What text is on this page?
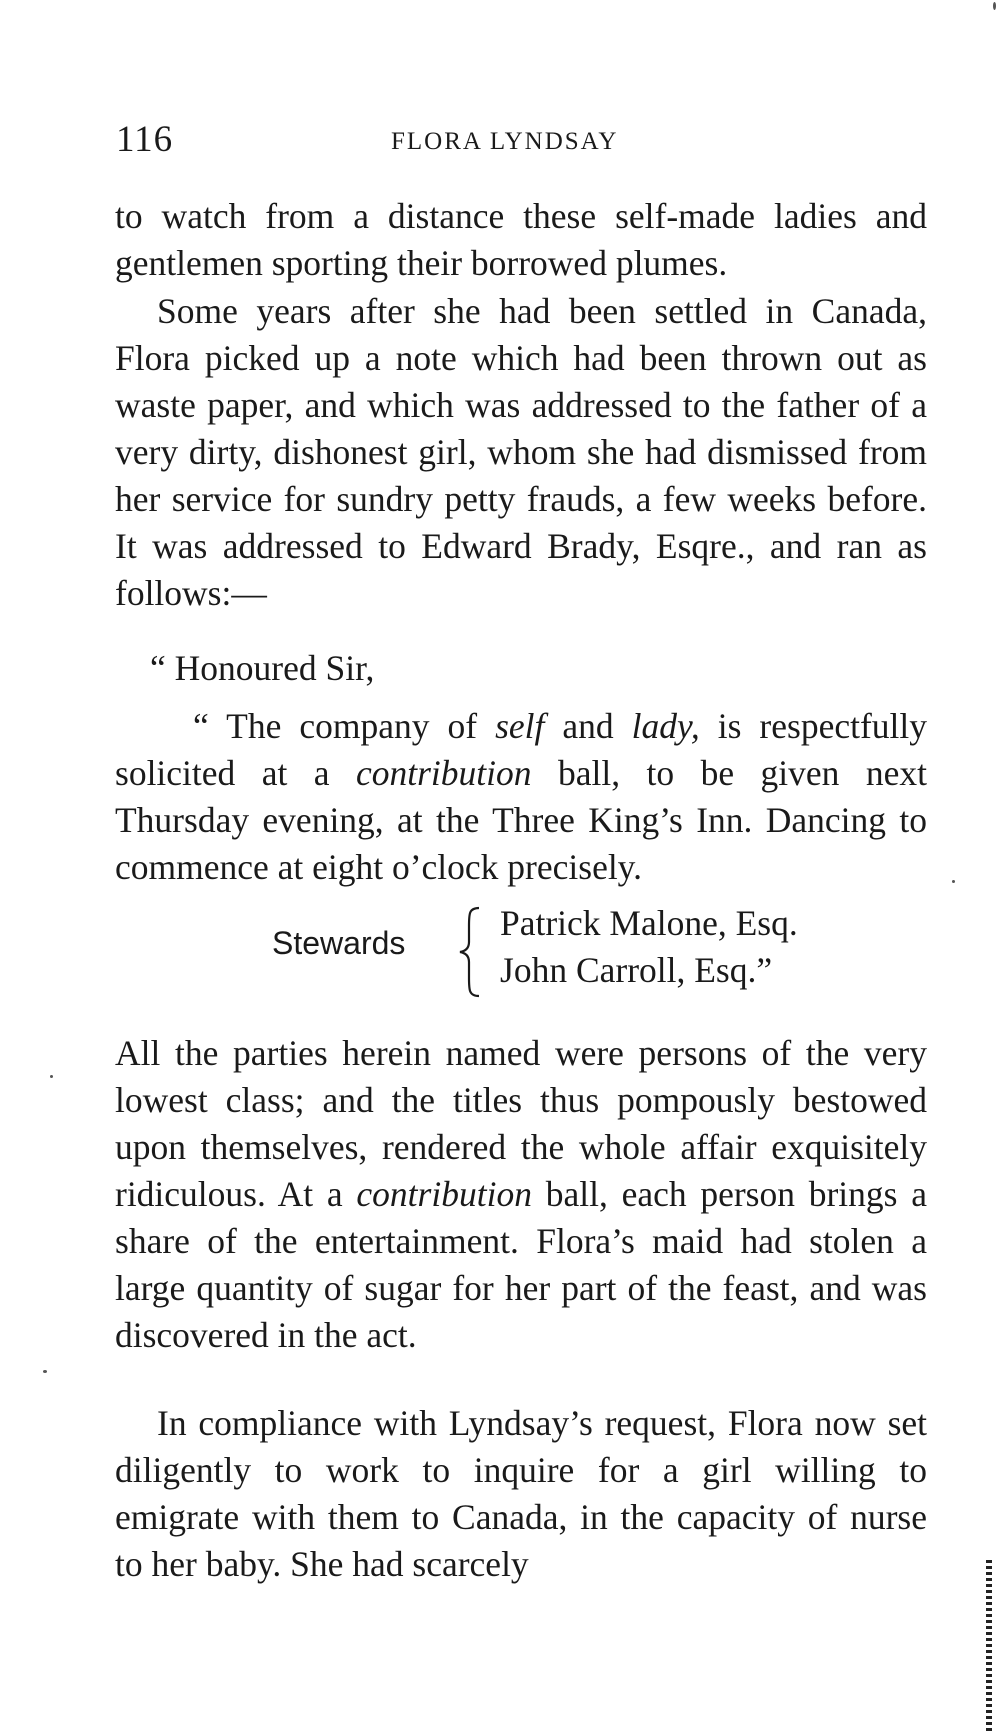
116	FLORA LYNDSAY

to watch from a distance these self-made ladies and gentlemen sporting their borrowed plumes.

Some years after she had been settled in Canada, Flora picked up a note which had been thrown out as waste paper, and which was addressed to the father of a very dirty, dishonest girl, whom she had dismissed from her service for sundry petty frauds, a few weeks before. It was addressed to Edward Brady, Esqre., and ran as follows:—

“ Honoured Sir,

“ The company of self and lady, is respectfully solicited at a contribution ball, to be given next Thursday evening, at the Three King’s Inn. Dancing to commence at eight o’clock precisely.

Stewards	Patrick Malone, Esq.
John Carroll, Esq.”

All the parties herein named were persons of the very lowest class; and the titles thus pompously bestowed upon themselves, rendered the whole affair exquisitely ridiculous. At a contribution ball, each person brings a share of the entertainment. Flora’s maid had stolen a large quantity of sugar for her part of the feast, and was discovered in the act.

In compliance with Lyndsay’s request, Flora now set diligently to work to inquire for a girl willing to emigrate with them to Canada, in the capacity of nurse to her baby. She had scarcely
